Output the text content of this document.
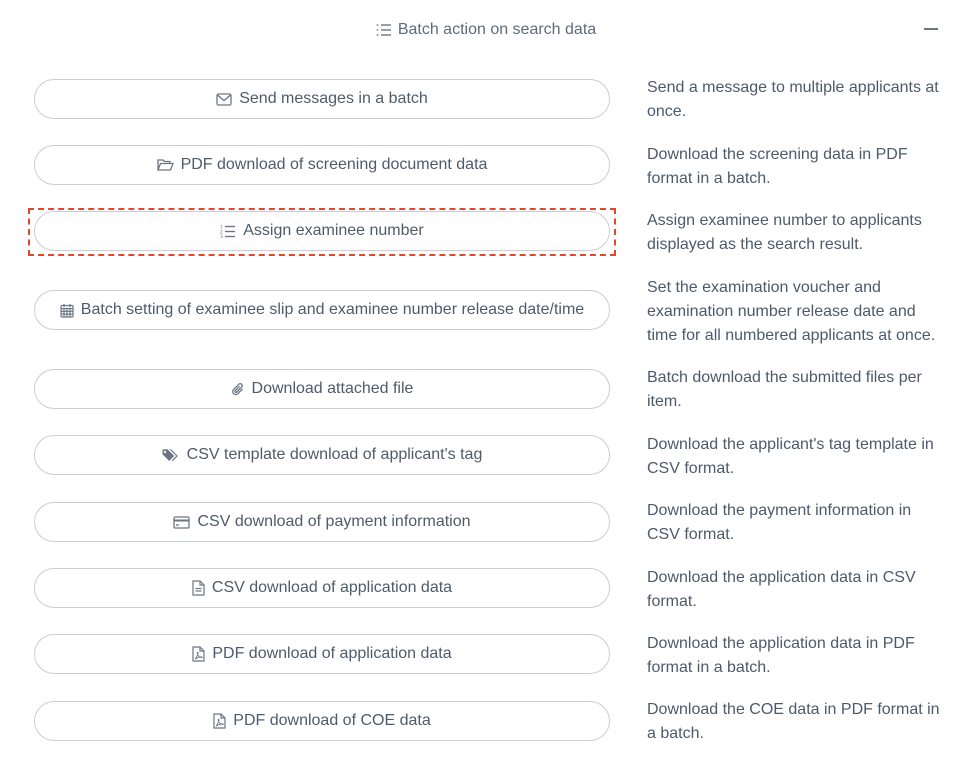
Batch action on search data
Send messages in a batch
Send a message to multiple applicants at once.
PDF download of screening document data
Download the screening data in PDF format in a batch.
1
2
3 Assign examinee number
Assign examinee number to applicants displayed as the search result.
Batch setting of examinee slip and examinee number release date/time
Set the examination voucher and examination number release date and time for all numbered applicants at once.
Download attached file
Batch download the submitted files per item.
CSV template download of applicant's tag
Download the applicant's tag template in CSV format.
CSV download of payment information
Download the payment information in CSV format.
CSV download of application data
Download the application data in CSV format.
PDF download of application data
Download the application data in PDF format in a batch.
PDF download of COE data
Download the COE data in PDF format in a batch.
